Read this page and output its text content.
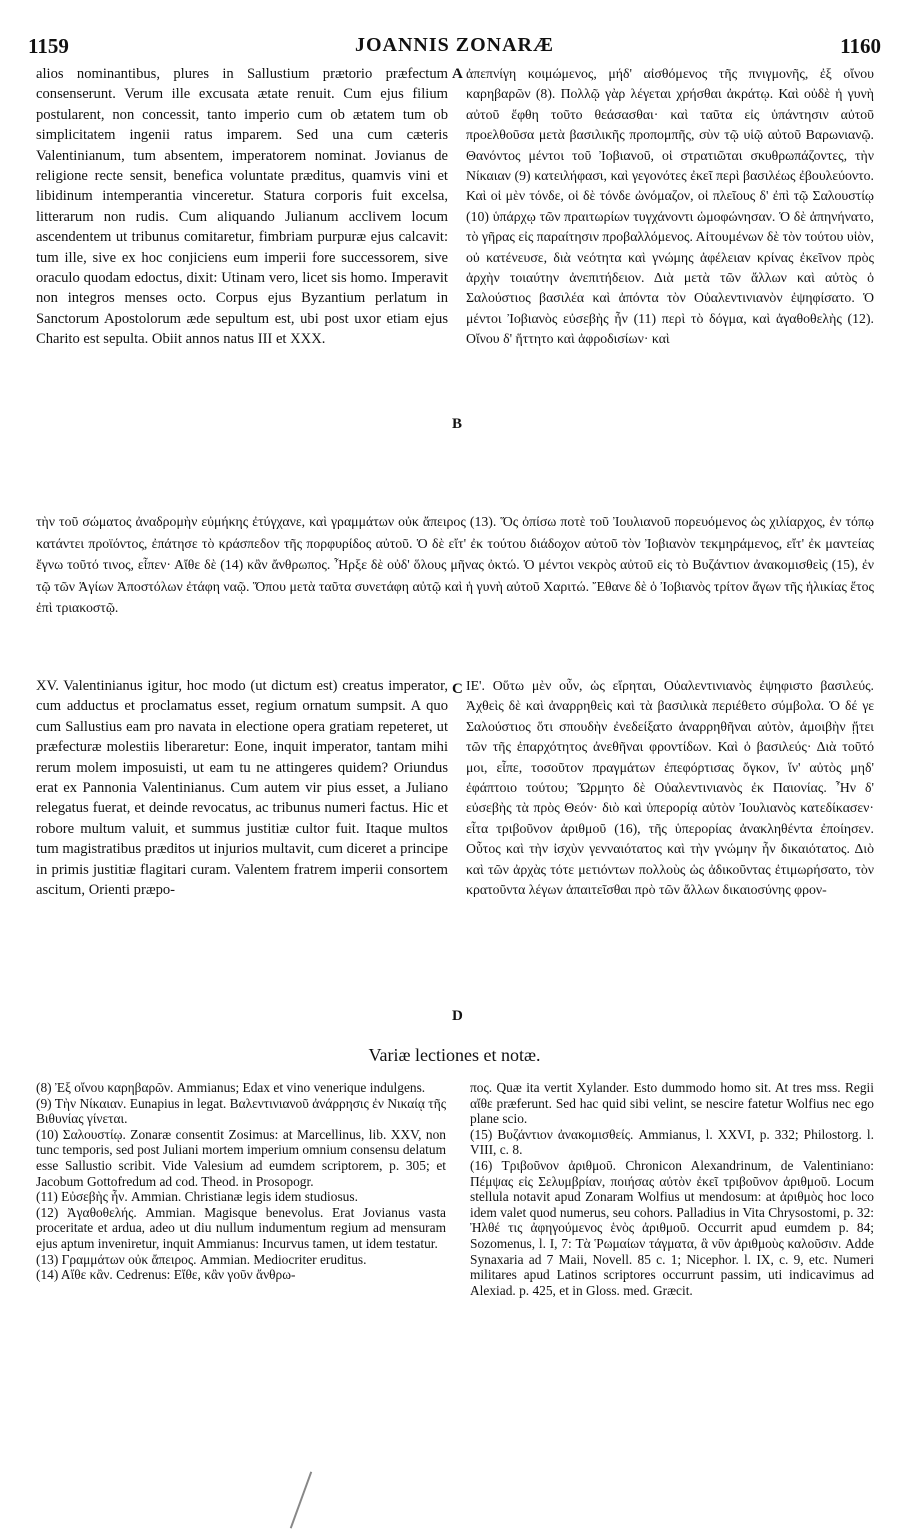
1159	JOANNIS ZONARÆ	1160

alios nominantibus, plures in Sallustium prætorio præfectum consenserunt. Verum ille excusata ætate renuit. Cum ejus filium postularent, non concessit, tanto imperio cum ob ætatem tum ob simplicitatem ingenii ratus imparem. Sed una cum cæteris Valentinianum, tum absentem, imperatorem nominat. Jovianus de religione recte sensit, benefica voluntate præditus, quamvis vini et libidinum intemperantia vinceretur. Statura corporis fuit excelsa, litterarum non rudis. Cum aliquando Julianum acclivem locum ascendentem ut tribunus comitaretur, fimbriam purpuræ ejus calcavit: tum ille, sive ex hoc conjiciens eum imperii fore successorem, sive oraculo quodam edoctus, dixit: Utinam vero, licet sis homo. Imperavit non integros menses octo. Corpus ejus Byzantium perlatum in Sanctorum Apostolorum æde sepultum est, ubi post uxor etiam ejus Charito est sepulta. Obiit annos natus III et XXX.

ἀπεπνίγη κοιμώμενος, μήδ' αἰσθόμενος τῆς πνιγμονῆς, ἐξ οἴνου καρηβαρῶν (8). Πολλῷ γὰρ λέγεται χρήσθαι ἀκράτῳ. Καὶ οὐδὲ ἡ γυνὴ αὐτοῦ ἔφθη τοῦτο θεάσασθαι· καὶ ταῦτα εἰς ὑπάντησιν αὐτοῦ προελθοῦσα μετὰ βασιλικῆς προπομπῆς, σὺν τῷ υἱῷ αὐτοῦ Βαρωνιανῷ. Θανόντος μέντοι τοῦ Ἰοβιανοῦ, οἱ στρατιῶται σκυθρωπάζοντες, τὴν Νίκαιαν (9) κατειλήφασι, καὶ γεγονότες ἐκεῖ περὶ βασιλέως ἐβουλεύοντο. Καὶ οἱ μὲν τόνδε, οἱ δὲ τόνδε ὠνόμαζον, οἱ πλεῖους δ' ἐπὶ τῷ Σαλουστίῳ (10) ὑπάρχῳ τῶν πραιτωρίων τυγχάνοντι ὡμοφώνησαν. Ὁ δὲ ἀπηνήνατο, τὸ γῆρας εἰς παραίτησιν προβαλλόμενος. Αἰτουμένων δὲ τὸν τούτου υἱὸν, οὐ κατένευσε, διὰ νεότητα καὶ γνώμης ἀφέλειαν κρίνας ἐκεῖνον πρὸς ἀρχὴν τοιαύτην ἀνεπιτήδειον. Διὰ μετὰ τῶν ἄλλων καὶ αὐτὸς ὁ Σαλούστιος βασιλέα καὶ ἀπόντα τὸν Οὐαλεντινιανὸν ἐψηφίσατο. Ὁ μέντοι Ἰοβιανὸς εὐσεβὴς ἦν (11) περὶ τὸ δόγμα, καὶ ἀγαθοθελὴς (12). Οἴνου δ' ἥττητο καὶ ἀφροδισίων· καὶ

A
B
C
D

τὴν τοῦ σώματος ἀναδρομὴν εὐμήκης ἐτύγχανε, καὶ γραμμάτων οὐκ ἄπειρος (13). Ὅς ὀπίσω ποτὲ τοῦ Ἰουλιανοῦ πορευόμενος ὡς χιλίαρχος, ἐν τόπῳ κατάντει προϊόντος, ἐπάτησε τὸ κράσπεδον τῆς πορφυρίδος αὐτοῦ. Ὁ δὲ εἴτ' ἐκ τούτου διάδοχον αὐτοῦ τὸν Ἰοβιανὸν τεκμηράμενος, εἴτ' ἐκ μαντείας ἔγνω τοῦτό τινος, εἶπεν· Αἴθε δὲ (14) κἂν ἄνθρωπος. Ἦρξε δὲ οὐδ' ὅλους μῆνας ὀκτώ. Ὁ μέντοι νεκρὸς αὐτοῦ εἰς τὸ Βυζάντιον ἀνακομισθεὶς (15), ἐν τῷ τῶν Ἁγίων Ἀποστόλων ἐτάφη ναῷ. Ὅπου μετὰ ταῦτα συνετάφη αὐτῷ καὶ ἡ γυνὴ αὐτοῦ Χαριτώ. Ἔθανε δὲ ὁ Ἰοβιανὸς τρίτον ἄγων τῆς ἡλικίας ἔτος ἐπὶ τριακοστῷ.

XV. Valentinianus igitur, hoc modo (ut dictum est) creatus imperator, cum adductus et proclamatus esset, regium ornatum sumpsit. A quo cum Sallustius eam pro navata in electione opera gratiam repeteret, ut præfecturæ molestiis liberaretur: Eone, inquit imperator, tantam mihi rerum molem imposuisti, ut eam tu ne attingeres quidem? Oriundus erat ex Pannonia Valentinianus. Cum autem vir pius esset, a Juliano relegatus fuerat, et deinde revocatus, ac tribunus numeri factus. Hic et robore multum valuit, et summus justitiæ cultor fuit. Itaque multos tum magistratibus præditos ut injurios multavit, cum diceret a principe in primis justitiæ flagitari curam. Valentem fratrem imperii consortem ascitum, Orienti præpo-

ΙΕ'. Οὕτω μὲν οὖν, ὡς εἴρηται, Οὐαλεντινιανὸς ἐψηφιστο βασιλεύς. Ἀχθεὶς δὲ καὶ ἀναρρηθεὶς καὶ τὰ βασιλικὰ περιέθετο σύμβολα. Ὁ δέ γε Σαλούστιος ὅτι σπουδὴν ἐνεδείξατο ἀναρρηθῆναι αὐτὸν, ἀμοιβὴν ᾔτει τῶν τῆς ἐπαρχότητος ἀνεθῆναι φροντίδων. Καὶ ὁ βασιλεύς· Διὰ τοῦτό μοι, εἶπε, τοσοῦτον πραγμάτων ἐπεφόρτισας ὄγκον, ἵν' αὐτὸς μηδ' ἐφάπτοιο τούτου; Ὥρμητο δὲ Οὐαλεντινιανὸς ἐκ Παιονίας. Ἦν δ' εὐσεβὴς τὰ πρὸς Θεόν· διὸ καὶ ὑπερορίᾳ αὐτὸν Ἰουλιανὸς κατεδίκασεν· εἶτα τριβοῦνον ἀριθμοῦ (16), τῆς ὑπερορίας ἀνακληθέντα ἐποίησεν. Οὗτος καὶ τὴν ἰσχὺν γενναιότατος καὶ τὴν γνώμην ἦν δικαιότατος. Διὸ καὶ τῶν ἀρχὰς τότε μετιόντων πολλοὺς ὡς ἀδικοῦντας ἐτιμωρήσατο, τὸν κρατοῦντα λέγων ἀπαιτεῖσθαι πρὸ τῶν ἄλλων δικαιοσύνης φρον-

Variæ lectiones et notæ.

(8) Ἐξ οἴνου καρηβαρῶν. Ammianus; Edax et vino venerique indulgens.

(9) Τὴν Νίκαιαν. Eunapius in legat. Βαλεντινιανοῦ ἀνάρρησις ἐν Νικαίᾳ τῆς Βιθυνίας γίνεται.

(10) Σαλουστίῳ. Zonaræ consentit Zosimus: at Marcellinus, lib. XXV, non tunc temporis, sed post Juliani mortem imperium omnium consensu delatum esse Sallustio scribit. Vide Valesium ad eumdem scriptorem, p. 305; et Jacobum Gottofredum ad cod. Theod. in Prosopogr.

(11) Εὐσεβὴς ἦν. Ammian. Christianæ legis idem studiosus.

(12) Ἀγαθοθελής. Ammian. Magisque benevolus. Erat Jovianus vasta proceritate et ardua, adeo ut diu nullum indumentum regium ad mensuram ejus aptum inveniretur, inquit Ammianus: Incurvus tamen, ut idem testatur.

(13) Γραμμάτων οὐκ ἄπειρος. Ammian. Mediocriter eruditus.

(14) Αἴθε κἂν. Cedrenus: Εἴθε, κἂν γοῦν ἄνθρω-

πος. Quæ ita vertit Xylander. Esto dummodo homo sit. At tres mss. Regii αἴθε præferunt. Sed hac quid sibi velint, se nescire fatetur Wolfius nec ego plane scio.

(15) Βυζάντιον ἀνακομισθείς. Ammianus, l. XXVI, p. 332; Philostorg. l. VIII, c. 8.

(16) Τριβοῦνον ἀριθμοῦ. Chronicon Alexandrinum, de Valentiniano: Πέμψας εἰς Σελυμβρίαν, ποιήσας αὐτὸν ἐκεῖ τριβοῦνον ἀριθμοῦ. Locum stellula notavit apud Zonaram Wolfius ut mendosum: at ἀριθμὸς hoc loco idem valet quod numerus, seu cohors. Palladius in Vita Chrysostomi, p. 32: Ἠλθέ τις ἀφηγούμενος ἑνὸς ἀριθμοῦ. Occurrit apud eumdem p. 84; Sozomenus, l. I, 7: Τὰ Ῥωμαίων τάγματα, ἃ νῦν ἀριθμοὺς καλοῦσιν. Adde Synaxaria ad 7 Maii, Novell. 85 c. 1; Nicephor. l. IX, c. 9, etc. Numeri militares apud Latinos scriptores occurrunt passim, uti indicavimus ad Alexiad. p. 425, et in Gloss. med. Græcit.
